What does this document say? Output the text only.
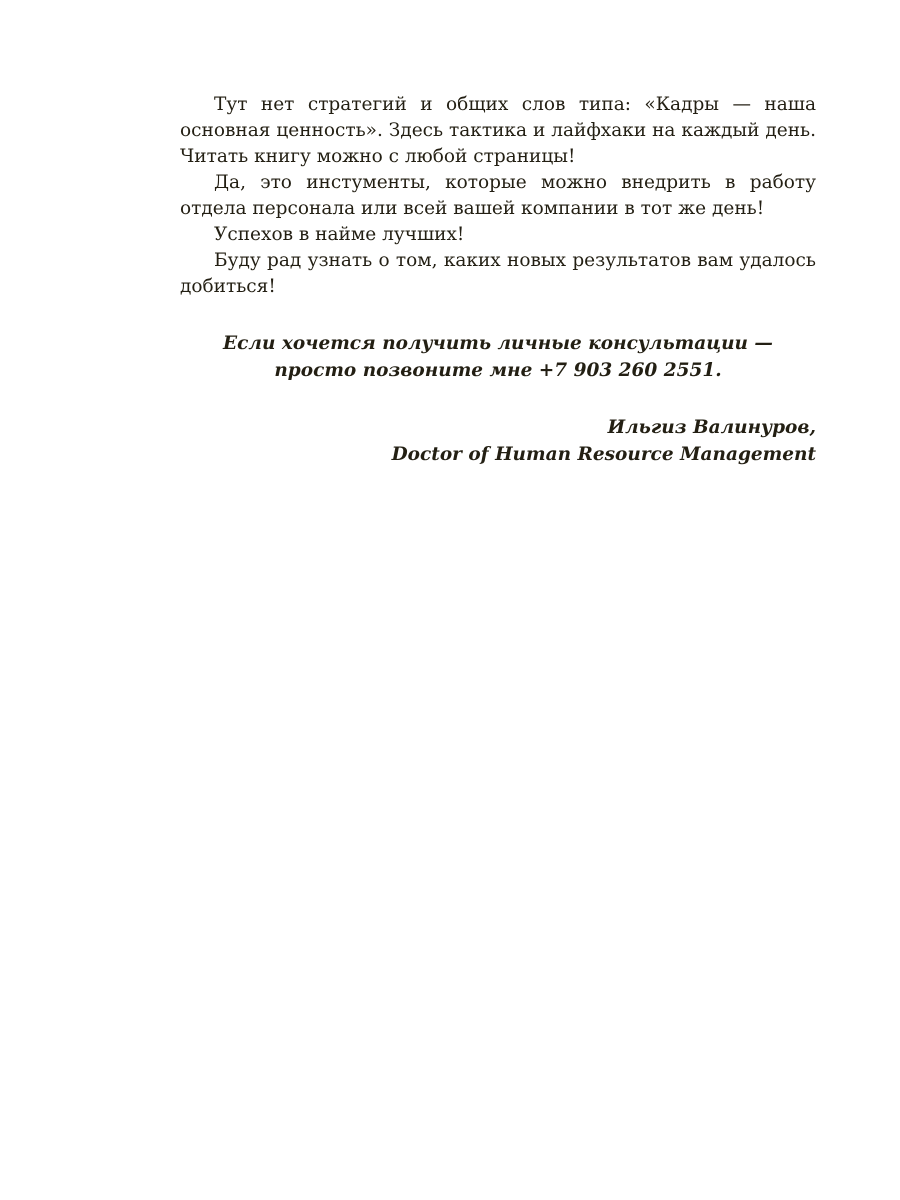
Тут нет стратегий и общих слов типа: «Кадры — наша основная ценность». Здесь тактика и лайфхаки на каждый день. Читать книгу можно с любой страницы!

Да, это инстументы, которые можно внедрить в работу отдела персонала или всей вашей компании в тот же день!

Успехов в найме лучших!

Буду рад узнать о том, каких новых результатов вам удалось добиться!

Если хочется получить личные консультации —
просто позвоните мне +7 903 260 2551.
Ильгиз Валинуров,
Doctor of Human Resource Management
